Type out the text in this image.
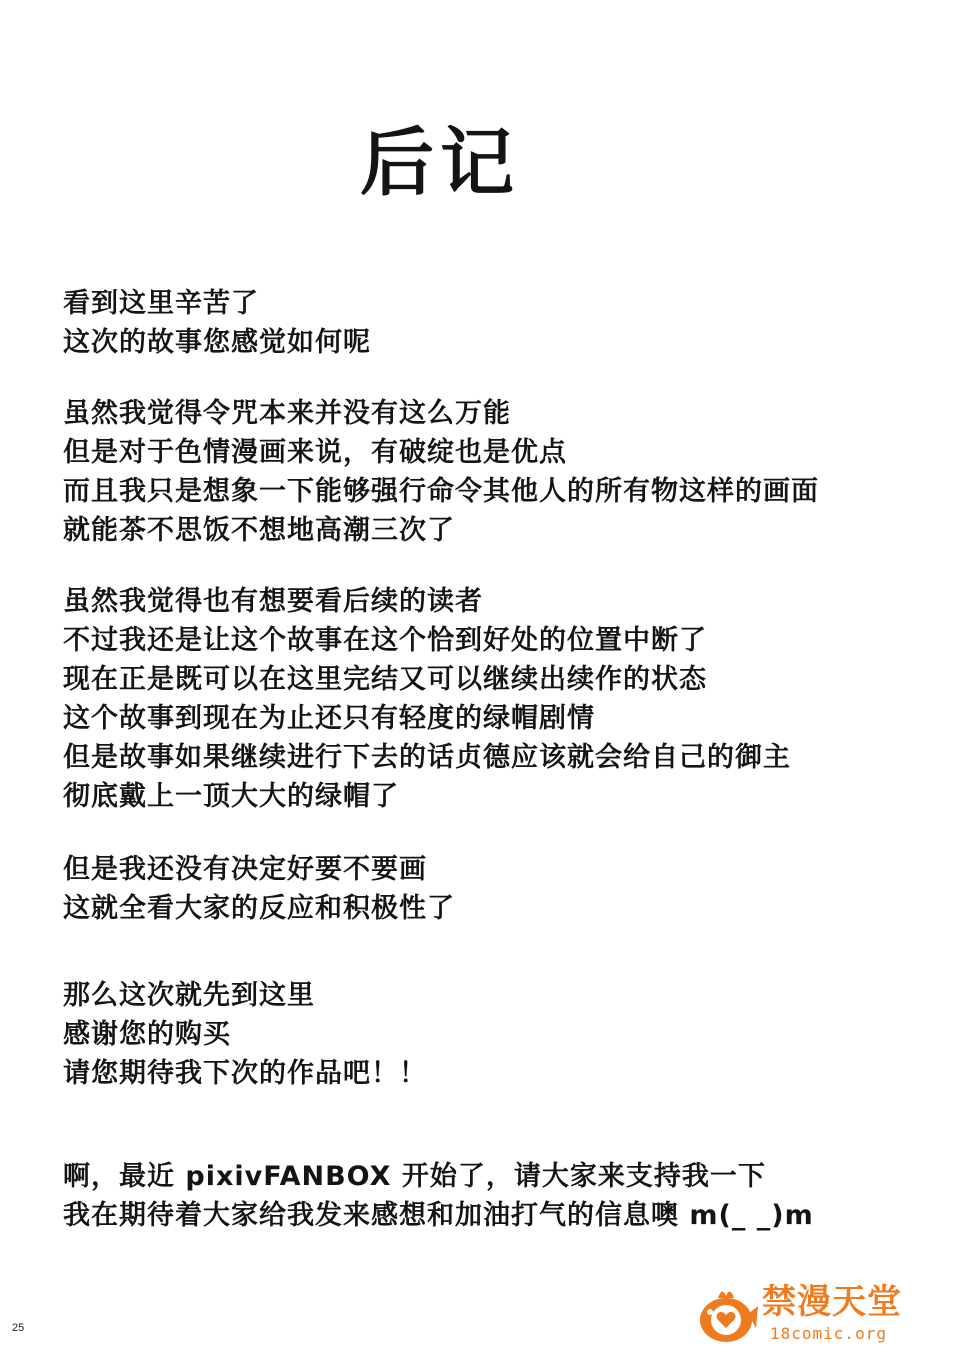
后记
看到这里辛苦了
这次的故事您感觉如何呢
虽然我觉得令咒本来并没有这么万能
但是对于色情漫画来说，有破绽也是优点
而且我只是想象一下能够强行命令其他人的所有物这样的画面
就能茶不思饭不想地高潮三次了
虽然我觉得也有想要看后续的读者
不过我还是让这个故事在这个恰到好处的位置中断了
现在正是既可以在这里完结又可以继续出续作的状态
这个故事到现在为止还只有轻度的绿帽剧情
但是故事如果继续进行下去的话贞德应该就会给自己的御主
彻底戴上一顶大大的绿帽了
但是我还没有决定好要不要画
这就全看大家的反应和积极性了
那么这次就先到这里
感谢您的购买
请您期待我下次的作品吧！！
啊，最近 pixivFANBOX 开始了，请大家来支持我一下
我在期待着大家给我发来感想和加油打气的信息噢 m(_ _)m
25
禁漫天堂
18comic.org
